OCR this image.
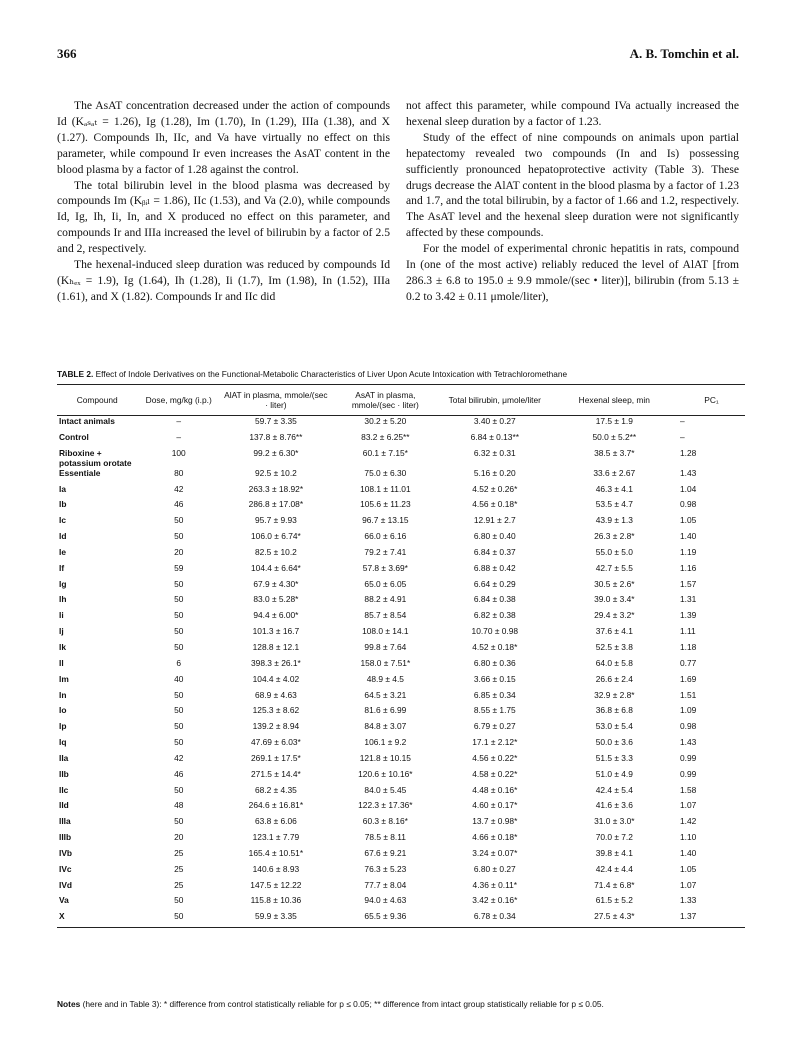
366	A. B. Tomchin et al.

The AsAT concentration decreased under the action of compounds Id (Kₐₛₐₜ = 1.26), Ig (1.28), Im (1.70), In (1.29), IIIa (1.38), and X (1.27). Compounds Ih, IIc, and Va have virtually no effect on this parameter, while compound Ir even increases the AsAT content in the blood plasma by a factor of 1.28 against the control.

The total bilirubin level in the blood plasma was decreased by compounds Im (Kᵦᵢₗ = 1.86), IIc (1.53), and Va (2.0), while compounds Id, Ig, Ih, Ii, In, and X produced no effect on this parameter, and compounds Ir and IIIa increased the level of bilirubin by a factor of 2.5 and 2, respectively.

The hexenal-induced sleep duration was reduced by compounds Id (Kₕₑₓ = 1.9), Ig (1.64), Ih (1.28), Ii (1.7), Im (1.98), In (1.52), IIIa (1.61), and X (1.82). Compounds Ir and IIc did

not affect this parameter, while compound IVa actually increased the hexenal sleep duration by a factor of 1.23.

Study of the effect of nine compounds on animals upon partial hepatectomy revealed two compounds (In and Is) possessing sufficiently pronounced hepatoprotective activity (Table 3). These drugs decrease the AlAT content in the blood plasma by a factor of 1.23 and 1.7, and the total bilirubin, by a factor of 1.66 and 1.2, respectively. The AsAT level and the hexenal sleep duration were not significantly affected by these compounds.

For the model of experimental chronic hepatitis in rats, compound In (one of the most active) reliably reduced the level of AlAT [from 286.3 ± 6.8 to 195.0 ± 9.9 mmole/(sec • liter)], bilirubin (from 5.13 ± 0.2 to 3.42 ± 0.11 μmole/liter),

TABLE 2. Effect of Indole Derivatives on the Functional-Metabolic Characteristics of Liver Upon Acute Intoxication with Tetrachloromethane
Compound	Dose, mg/kg (i.p.)	AlAT in plasma, mmole/(sec · liter)	AsAT in plasma, mmole/(sec · liter)	Total bilirubin, μmole/liter	Hexenal sleep, min	PC₁
Intact animals	–	59.7 ± 3.35	30.2 ± 5.20	3.40 ± 0.27	17.5 ± 1.9	–
Control	–	137.8 ± 8.76**	83.2 ± 6.25**	6.84 ± 0.13**	50.0 ± 5.2**	–
Riboxine + potassium orotate	100	99.2 ± 6.30*	60.1 ± 7.15*	6.32 ± 0.31	38.5 ± 3.7*	1.28
Essentiale	80	92.5 ± 10.2	75.0 ± 6.30	5.16 ± 0.20	33.6 ± 2.67	1.43
Ia	42	263.3 ± 18.92*	108.1 ± 11.01	4.52 ± 0.26*	46.3 ± 4.1	1.04
Ib	46	286.8 ± 17.08*	105.6 ± 11.23	4.56 ± 0.18*	53.5 ± 4.7	0.98
Ic	50	95.7 ± 9.93	96.7 ± 13.15	12.91 ± 2.7	43.9 ± 1.3	1.05
Id	50	106.0 ± 6.74*	66.0 ± 6.16	6.80 ± 0.40	26.3 ± 2.8*	1.40
Ie	20	82.5 ± 10.2	79.2 ± 7.41	6.84 ± 0.37	55.0 ± 5.0	1.19
If	59	104.4 ± 6.64*	57.8 ± 3.69*	6.88 ± 0.42	42.7 ± 5.5	1.16
Ig	50	67.9 ± 4.30*	65.0 ± 6.05	6.64 ± 0.29	30.5 ± 2.6*	1.57
Ih	50	83.0 ± 5.28*	88.2 ± 4.91	6.84 ± 0.38	39.0 ± 3.4*	1.31
Ii	50	94.4 ± 6.00*	85.7 ± 8.54	6.82 ± 0.38	29.4 ± 3.2*	1.39
Ij	50	101.3 ± 16.7	108.0 ± 14.1	10.70 ± 0.98	37.6 ± 4.1	1.11
Ik	50	128.8 ± 12.1	99.8 ± 7.64	4.52 ± 0.18*	52.5 ± 3.8	1.18
Il	6	398.3 ± 26.1*	158.0 ± 7.51*	6.80 ± 0.36	64.0 ± 5.8	0.77
Im	40	104.4 ± 4.02	48.9 ± 4.5	3.66 ± 0.15	26.6 ± 2.4	1.69
In	50	68.9 ± 4.63	64.5 ± 3.21	6.85 ± 0.34	32.9 ± 2.8*	1.51
Io	50	125.3 ± 8.62	81.6 ± 6.99	8.55 ± 1.75	36.8 ± 6.8	1.09
Ip	50	139.2 ± 8.94	84.8 ± 3.07	6.79 ± 0.27	53.0 ± 5.4	0.98
Iq	50	47.69 ± 6.03*	106.1 ± 9.2	17.1 ± 2.12*	50.0 ± 3.6	1.43
IIa	42	269.1 ± 17.5*	121.8 ± 10.15	4.56 ± 0.22*	51.5 ± 3.3	0.99
IIb	46	271.5 ± 14.4*	120.6 ± 10.16*	4.58 ± 0.22*	51.0 ± 4.9	0.99
IIc	50	68.2 ± 4.35	84.0 ± 5.45	4.48 ± 0.16*	42.4 ± 5.4	1.58
IId	48	264.6 ± 16.81*	122.3 ± 17.36*	4.60 ± 0.17*	41.6 ± 3.6	1.07
IIIa	50	63.8 ± 6.06	60.3 ± 8.16*	13.7 ± 0.98*	31.0 ± 3.0*	1.42
IIIb	20	123.1 ± 7.79	78.5 ± 8.11	4.66 ± 0.18*	70.0 ± 7.2	1.10
IVb	25	165.4 ± 10.51*	67.6 ± 9.21	3.24 ± 0.07*	39.8 ± 4.1	1.40
IVc	25	140.6 ± 8.93	76.3 ± 5.23	6.80 ± 0.27	42.4 ± 4.4	1.05
IVd	25	147.5 ± 12.22	77.7 ± 8.04	4.36 ± 0.11*	71.4 ± 6.8*	1.07
Va	50	115.8 ± 10.36	94.0 ± 4.63	3.42 ± 0.16*	61.5 ± 5.2	1.33
X	50	59.9 ± 3.35	65.5 ± 9.36	6.78 ± 0.34	27.5 ± 4.3*	1.37
Notes (here and in Table 3): * difference from control statistically reliable for p ≤ 0.05; ** difference from intact group statistically reliable for p ≤ 0.05.
